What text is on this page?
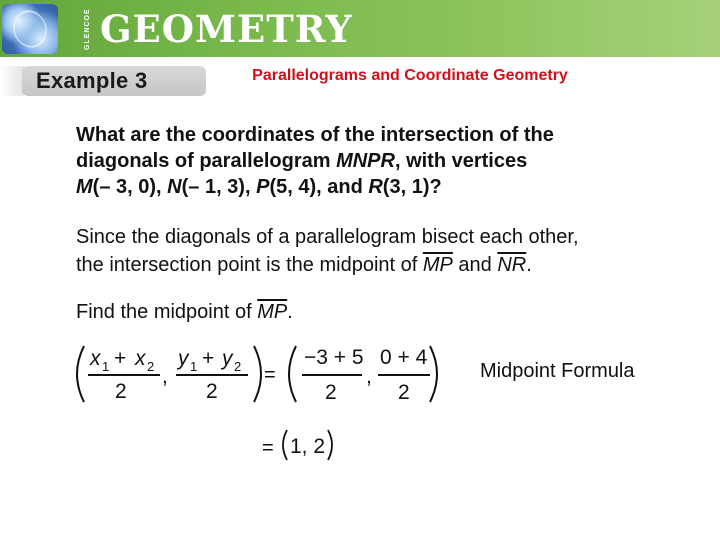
GLENCOE GEOMETRY
Example 3	Parallelograms and Coordinate Geometry
What are the coordinates of the intersection of the
diagonals of parallelogram MNPR, with vertices
M(– 3, 0), N(– 1, 3), P(5, 4), and R(3, 1)?
Since the diagonals of a parallelogram bisect each other,
the intersection point is the midpoint of $\overline{MP}$ and $\overline{NR}$.
Find the midpoint of $\overline{MP}$.
x 1 + x 2
2
,
y 1 + y 2
2
=
−3 + 5
2
,
0 + 4
2
= 1, 2
Midpoint Formula
